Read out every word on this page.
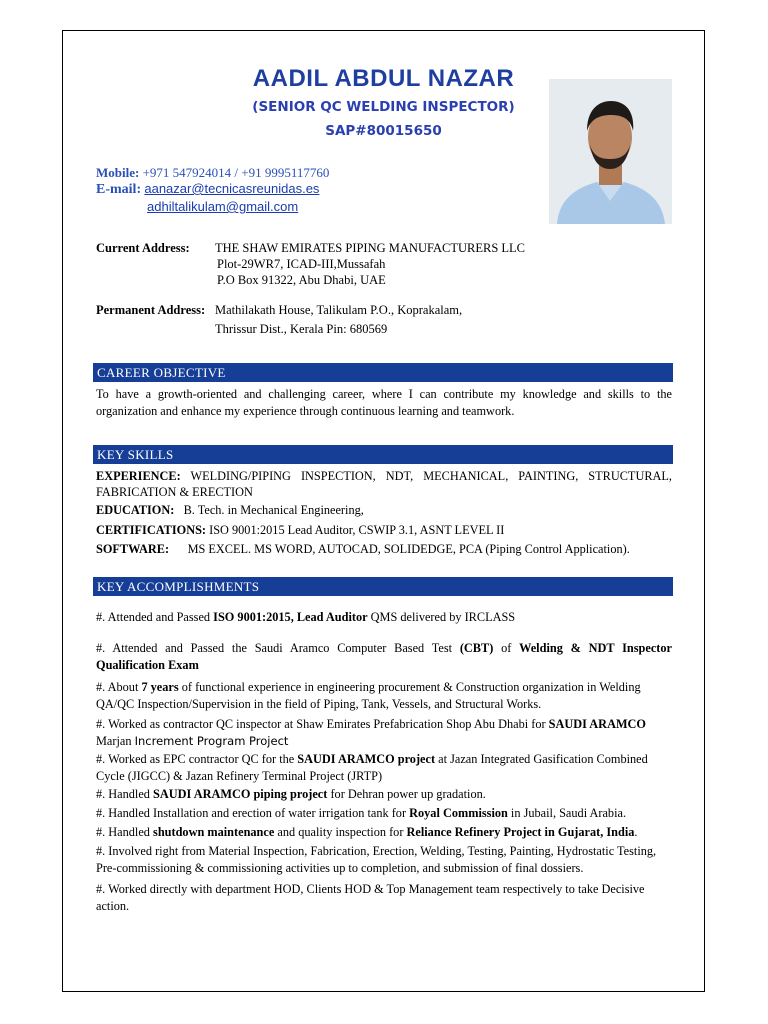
AADIL ABDUL NAZAR
(SENIOR QC WELDING INSPECTOR)
SAP#80015650
Mobile: +971 547924014 / +91 9995117760
E-mail: aanazar@tecnicasreunidas.es
adhiltalikulam@gmail.com
Current Address: THE SHAW EMIRATES PIPING MANUFACTURERS LLC
Plot-29WR7, ICAD-III,Mussafah
P.O Box 91322, Abu Dhabi, UAE
Permanent Address: Mathilakath House, Talikulam P.O., Koprakalam,
Thrissur Dist., Kerala Pin: 680569
CAREER OBJECTIVE
To have a growth-oriented and challenging career, where I can contribute my knowledge and skills to the organization and enhance my experience through continuous learning and teamwork.
KEY SKILLS
EXPERIENCE: WELDING/PIPING INSPECTION, NDT, MECHANICAL, PAINTING, STRUCTURAL, FABRICATION & ERECTION
EDUCATION: B. Tech. in Mechanical Engineering,
CERTIFICATIONS: ISO 9001:2015 Lead Auditor, CSWIP 3.1, ASNT LEVEL II
SOFTWARE: MS EXCEL. MS WORD, AUTOCAD, SOLIDEDGE, PCA (Piping Control Application).
KEY ACCOMPLISHMENTS
#. Attended and Passed ISO 9001:2015, Lead Auditor QMS delivered by IRCLASS
#. Attended and Passed the Saudi Aramco Computer Based Test (CBT) of Welding & NDT Inspector Qualification Exam
#. About 7 years of functional experience in engineering procurement & Construction organization in Welding QA/QC Inspection/Supervision in the field of Piping, Tank, Vessels, and Structural Works.
#. Worked as contractor QC inspector at Shaw Emirates Prefabrication Shop Abu Dhabi for SAUDI ARAMCO Marjan Increment Program Project
#. Worked as EPC contractor QC for the SAUDI ARAMCO project at Jazan Integrated Gasification Combined Cycle (JIGCC) & Jazan Refinery Terminal Project (JRTP)
#. Handled SAUDI ARAMCO piping project for Dehran power up gradation.
#. Handled Installation and erection of water irrigation tank for Royal Commission in Jubail, Saudi Arabia.
#. Handled shutdown maintenance and quality inspection for Reliance Refinery Project in Gujarat, India.
#. Involved right from Material Inspection, Fabrication, Erection, Welding, Testing, Painting, Hydrostatic Testing, Pre-commissioning & commissioning activities up to completion, and submission of final dossiers.
#. Worked directly with department HOD, Clients HOD & Top Management team respectively to take Decisive action.
